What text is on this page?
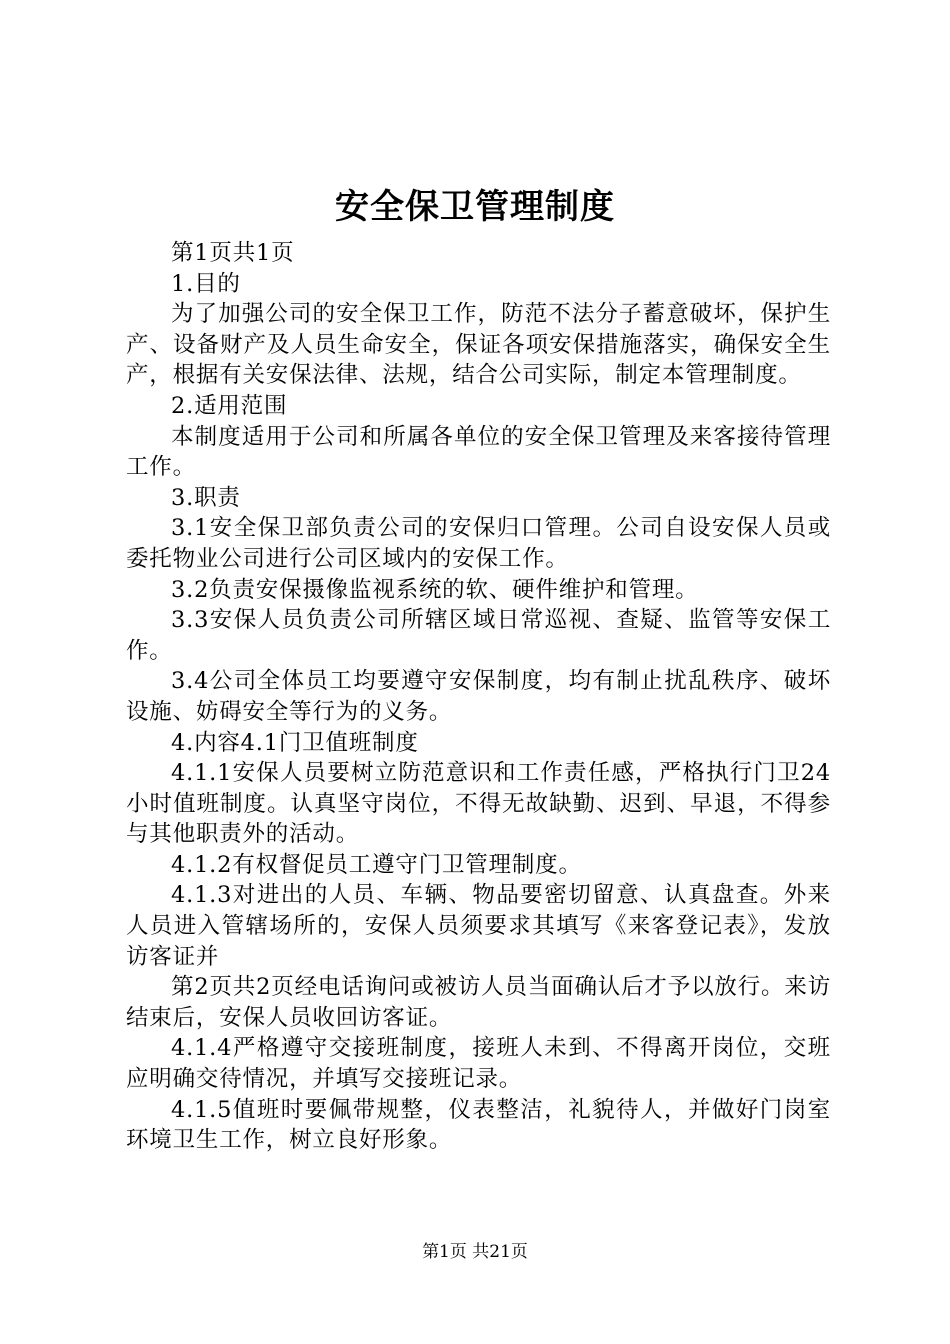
安全保卫管理制度

第1页共1页

1.目的

为了加强公司的安全保卫工作，防范不法分子蓄意破坏，保护生产、设备财产及人员生命安全，保证各项安保措施落实，确保安全生产，根据有关安保法律、法规，结合公司实际，制定本管理制度。

2.适用范围

本制度适用于公司和所属各单位的安全保卫管理及来客接待管理工作。

3.职责

3.1安全保卫部负责公司的安保归口管理。公司自设安保人员或委托物业公司进行公司区域内的安保工作。

3.2负责安保摄像监视系统的软、硬件维护和管理。

3.3安保人员负责公司所辖区域日常巡视、查疑、监管等安保工作。

3.4公司全体员工均要遵守安保制度，均有制止扰乱秩序、破坏设施、妨碍安全等行为的义务。

4.内容4.1门卫值班制度

4.1.1安保人员要树立防范意识和工作责任感，严格执行门卫24小时值班制度。认真坚守岗位，不得无故缺勤、迟到、早退，不得参与其他职责外的活动。

4.1.2有权督促员工遵守门卫管理制度。

4.1.3对进出的人员、车辆、物品要密切留意、认真盘查。外来人员进入管辖场所的，安保人员须要求其填写《来客登记表》，发放访客证并

第2页共2页经电话询问或被访人员当面确认后才予以放行。来访结束后，安保人员收回访客证。

4.1.4严格遵守交接班制度，接班人未到、不得离开岗位，交班应明确交待情况，并填写交接班记录。

4.1.5值班时要佩带规整，仪表整洁，礼貌待人，并做好门岗室环境卫生工作，树立良好形象。

第1页 共21页
